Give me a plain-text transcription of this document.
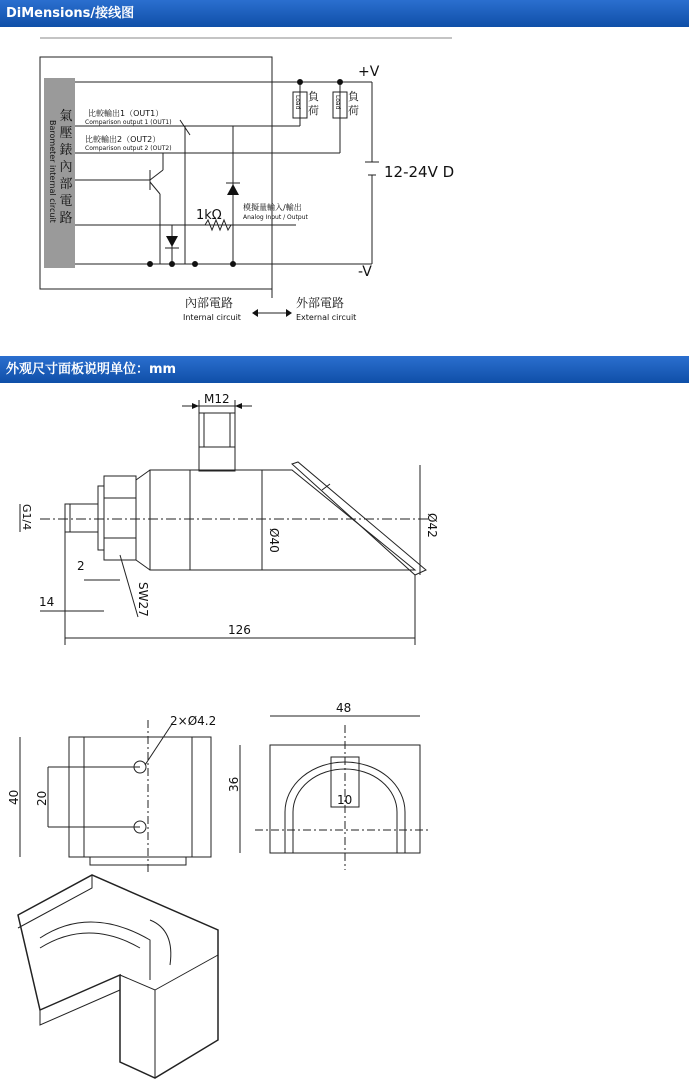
DiMensions/接线图
外观尺寸面板说明单位：mm
氣
壓
錶
內
部
電
路
Barometer internal circuit
負
荷
Load	負
荷
Load
比較輸出1（OUT1）
Comparison output 1 (OUT1)
比較輸出2（OUT2）
Comparison output 2 (OUT2)
模擬量輸入/輸出
Analog Input / Output
1kΩ
+V
-V
12-24V D
內部電路
Internal circuit
外部電路
External circuit
M12
Ø40
Ø42
G1/4
126
14
2
SW27
2×Ø4.2
40 20
48
36
10
